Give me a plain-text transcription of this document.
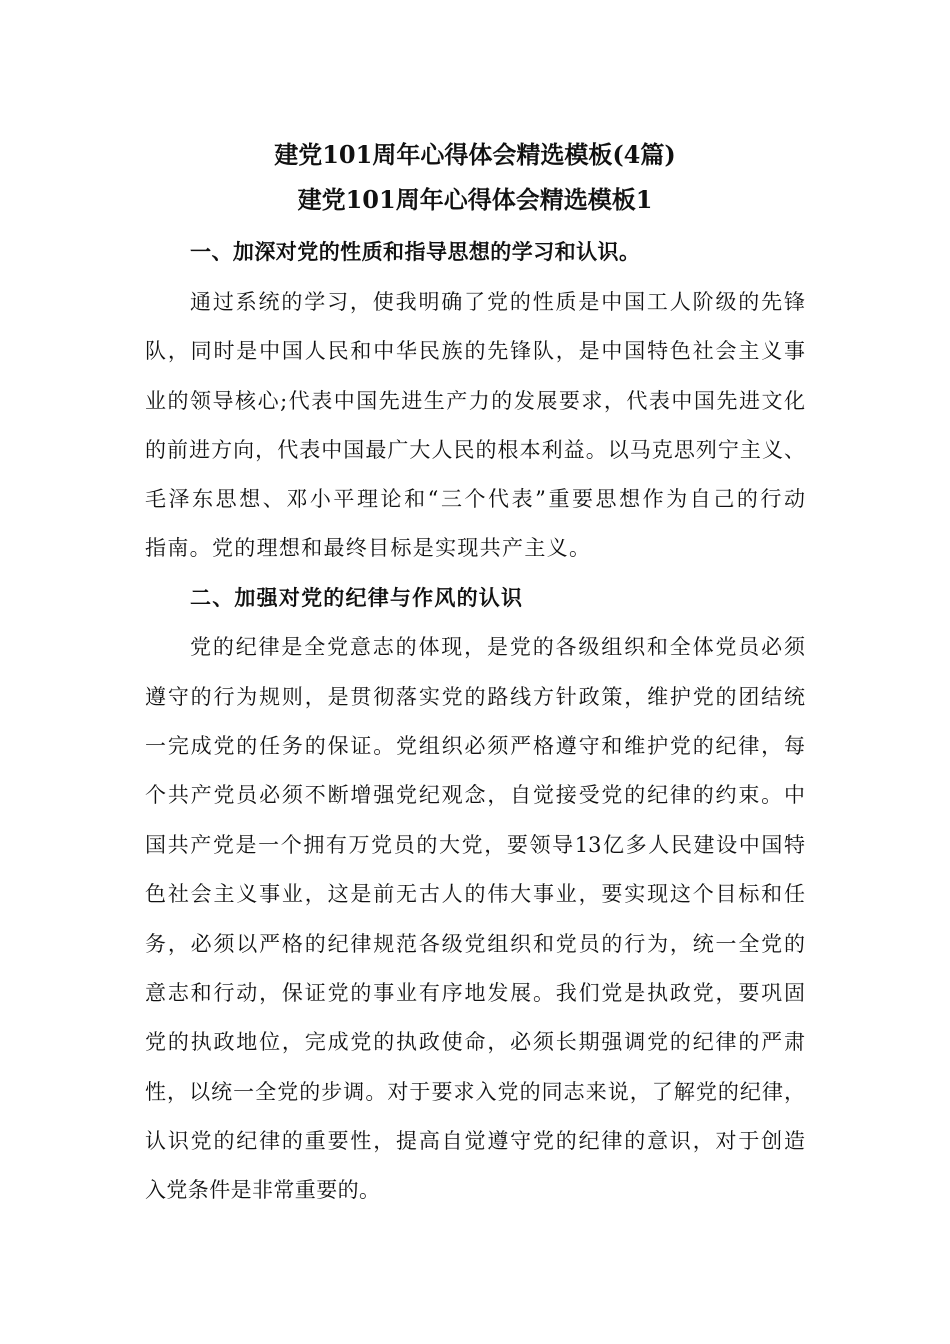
建党101周年心得体会精选模板(4篇)
建党101周年心得体会精选模板1
一、加深对党的性质和指导思想的学习和认识。
通过系统的学习，使我明确了党的性质是中国工人阶级的先锋
队，同时是中国人民和中华民族的先锋队，是中国特色社会主义事
业的领导核心;代表中国先进生产力的发展要求，代表中国先进文化
的前进方向，代表中国最广大人民的根本利益。以马克思列宁主义、
毛泽东思想、邓小平理论和“三个代表”重要思想作为自己的行动
指南。党的理想和最终目标是实现共产主义。
二、加强对党的纪律与作风的认识
党的纪律是全党意志的体现，是党的各级组织和全体党员必须
遵守的行为规则，是贯彻落实党的路线方针政策，维护党的团结统
一完成党的任务的保证。党组织必须严格遵守和维护党的纪律，每
个共产党员必须不断增强党纪观念，自觉接受党的纪律的约束。中
国共产党是一个拥有万党员的大党，要领导13亿多人民建设中国特
色社会主义事业，这是前无古人的伟大事业，要实现这个目标和任
务，必须以严格的纪律规范各级党组织和党员的行为，统一全党的
意志和行动，保证党的事业有序地发展。我们党是执政党，要巩固
党的执政地位，完成党的执政使命，必须长期强调党的纪律的严肃
性，以统一全党的步调。对于要求入党的同志来说，了解党的纪律，
认识党的纪律的重要性，提高自觉遵守党的纪律的意识，对于创造
入党条件是非常重要的。
